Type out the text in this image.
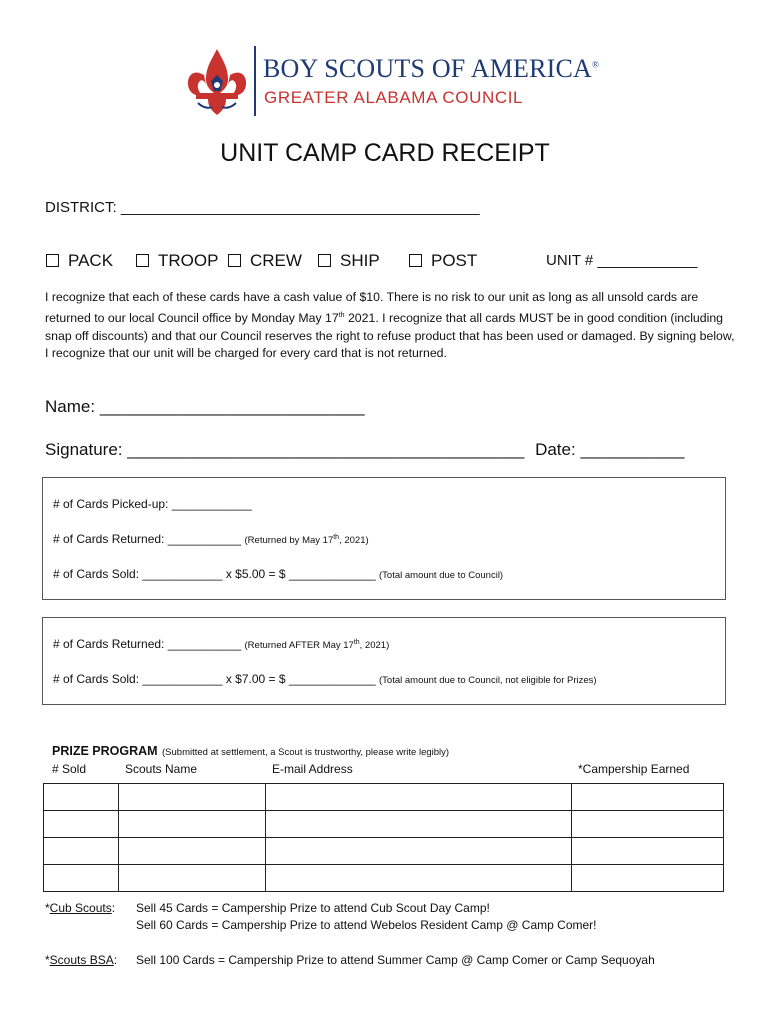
BOY SCOUTS OF AMERICA®
GREATER ALABAMA COUNCIL
UNIT CAMP CARD RECEIPT
DISTRICT: ___________________________________________
PACK	TROOP	CREW	SHIP	POST	UNIT # ____________
I recognize that each of these cards have a cash value of $10. There is no risk to our unit as long as all unsold cards are returned to our local Council office by Monday May 17th 2021. I recognize that all cards MUST be in good condition (including snap off discounts) and that our Council reserves the right to refuse product that has been used or damaged. By signing below, I recognize that our unit will be charged for every card that is not returned.
Name: ____________________________
Signature: __________________________________________ Date: ___________
# of Cards Picked-up: ____________
# of Cards Returned: ___________ (Returned by May 17th, 2021)
# of Cards Sold: ____________ x $5.00 = $ _____________ (Total amount due to Council)
# of Cards Returned: ___________ (Returned AFTER May 17th, 2021)
# of Cards Sold: ____________ x $7.00 = $ _____________ (Total amount due to Council, not eligible for Prizes)
PRIZE PROGRAM (Submitted at settlement, a Scout is trustworthy, please write legibly)
# Sold	Scouts Name	E-mail Address	*Campership Earned

*Cub Scouts: Sell 45 Cards = Campership Prize to attend Cub Scout Day Camp!
Sell 60 Cards = Campership Prize to attend Webelos Resident Camp @ Camp Comer!
*Scouts BSA: Sell 100 Cards = Campership Prize to attend Summer Camp @ Camp Comer or Camp Sequoyah
